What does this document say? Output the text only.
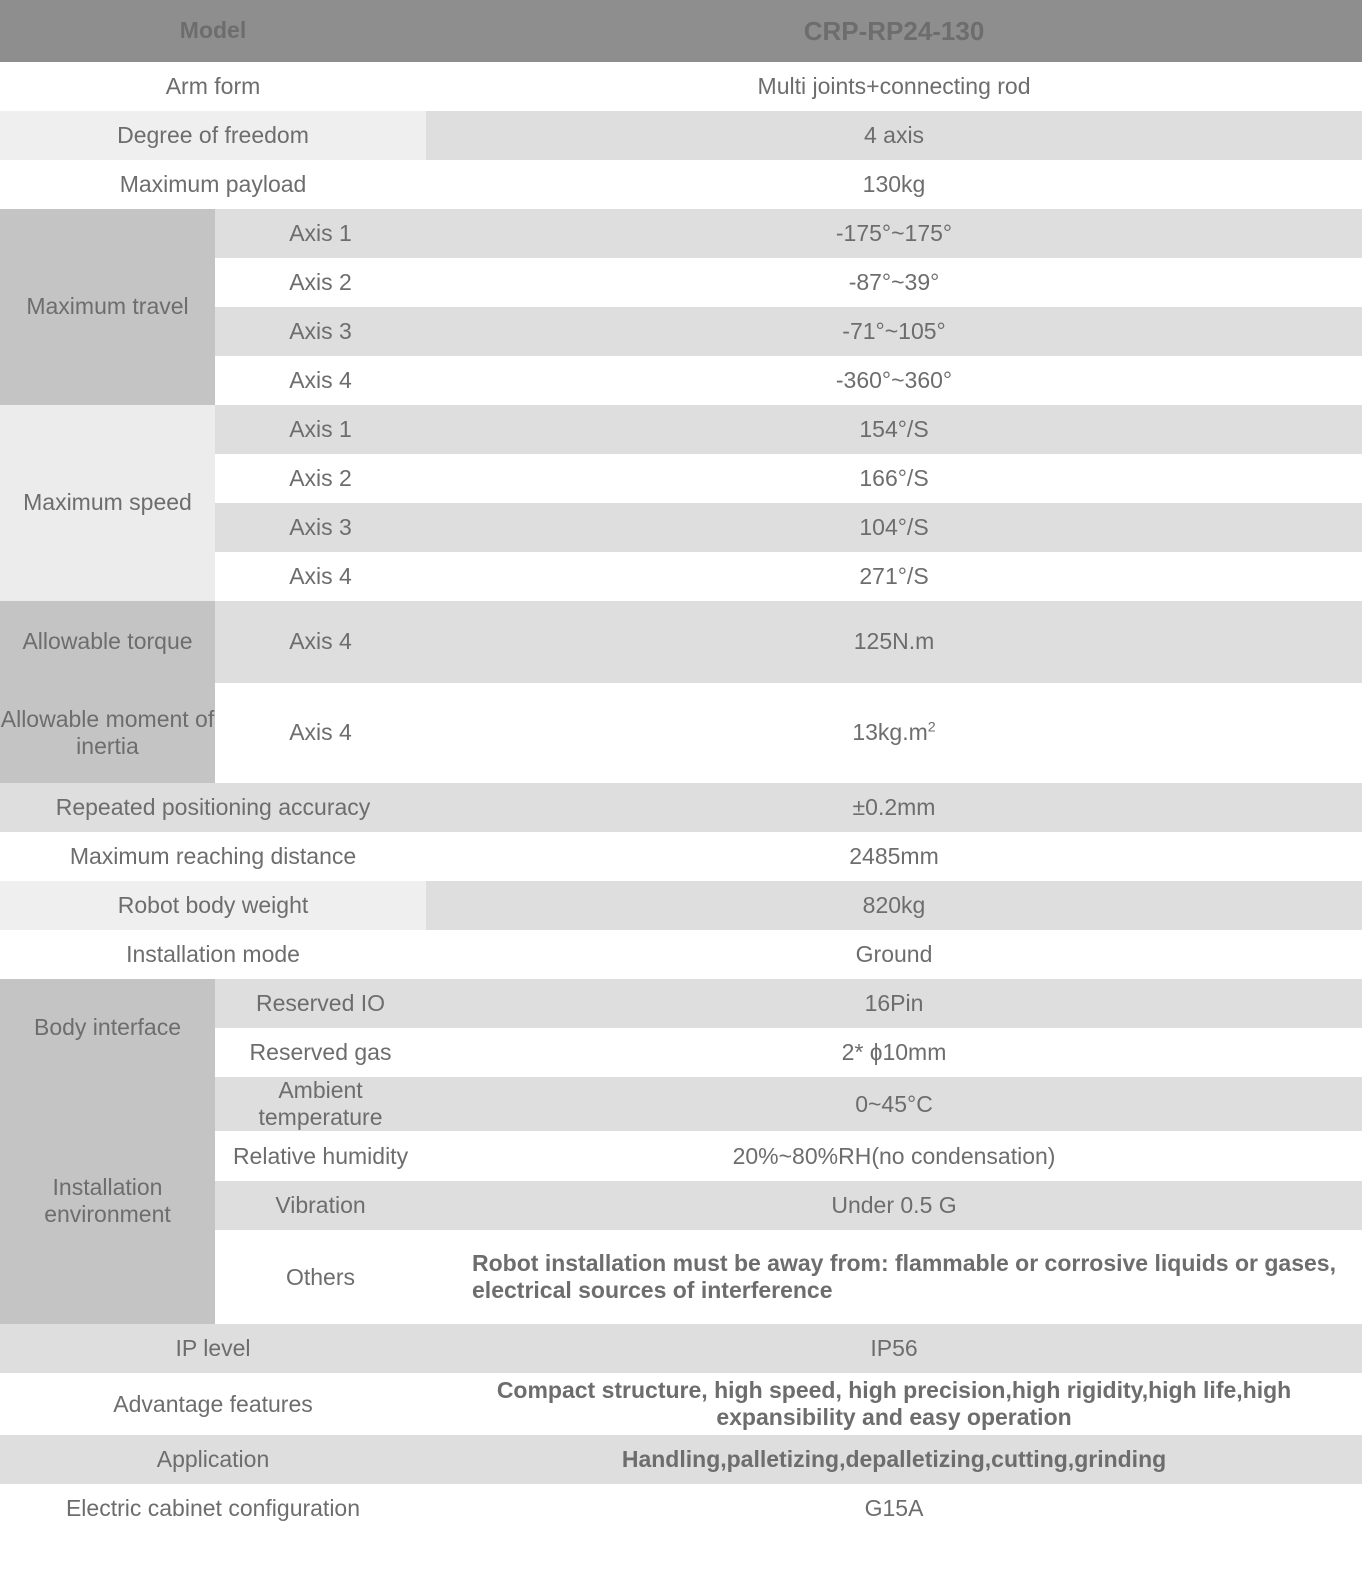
Model		CRP-RP24-130
Arm form		Multi joints+connecting rod
Degree of freedom		4 axis
Maximum payload		130kg
Maximum travel	Axis 1	-175°~175°
	Axis 2	-87°~39°
	Axis 3	-71°~105°
	Axis 4	-360°~360°
Maximum speed	Axis 1	154°/S
	Axis 2	166°/S
	Axis 3	104°/S
	Axis 4	271°/S
Allowable torque	Axis 4	125N.m
Allowable moment of inertia	Axis 4	$13kg.m^2$
Repeated positioning accuracy		±0.2mm
Maximum reaching distance		2485mm
Robot body weight		820kg
Installation mode		Ground
Body interface	Reserved IO	16Pin
	Reserved gas	2* ɸ10mm
Installation environment	Ambient temperature	0~45°C
	Relative humidity	20%~80%RH(no condensation)
	Vibration	Under 0.5 G
	Others	Robot installation must be away from: flammable or corrosive liquids or gases, electrical sources of interference
IP level		IP56
Advantage features		Compact structure, high speed, high precision,high rigidity,high life,high expansibility and easy operation
Application		Handling,palletizing,depalletizing,cutting,grinding
Electric cabinet configuration		G15A
